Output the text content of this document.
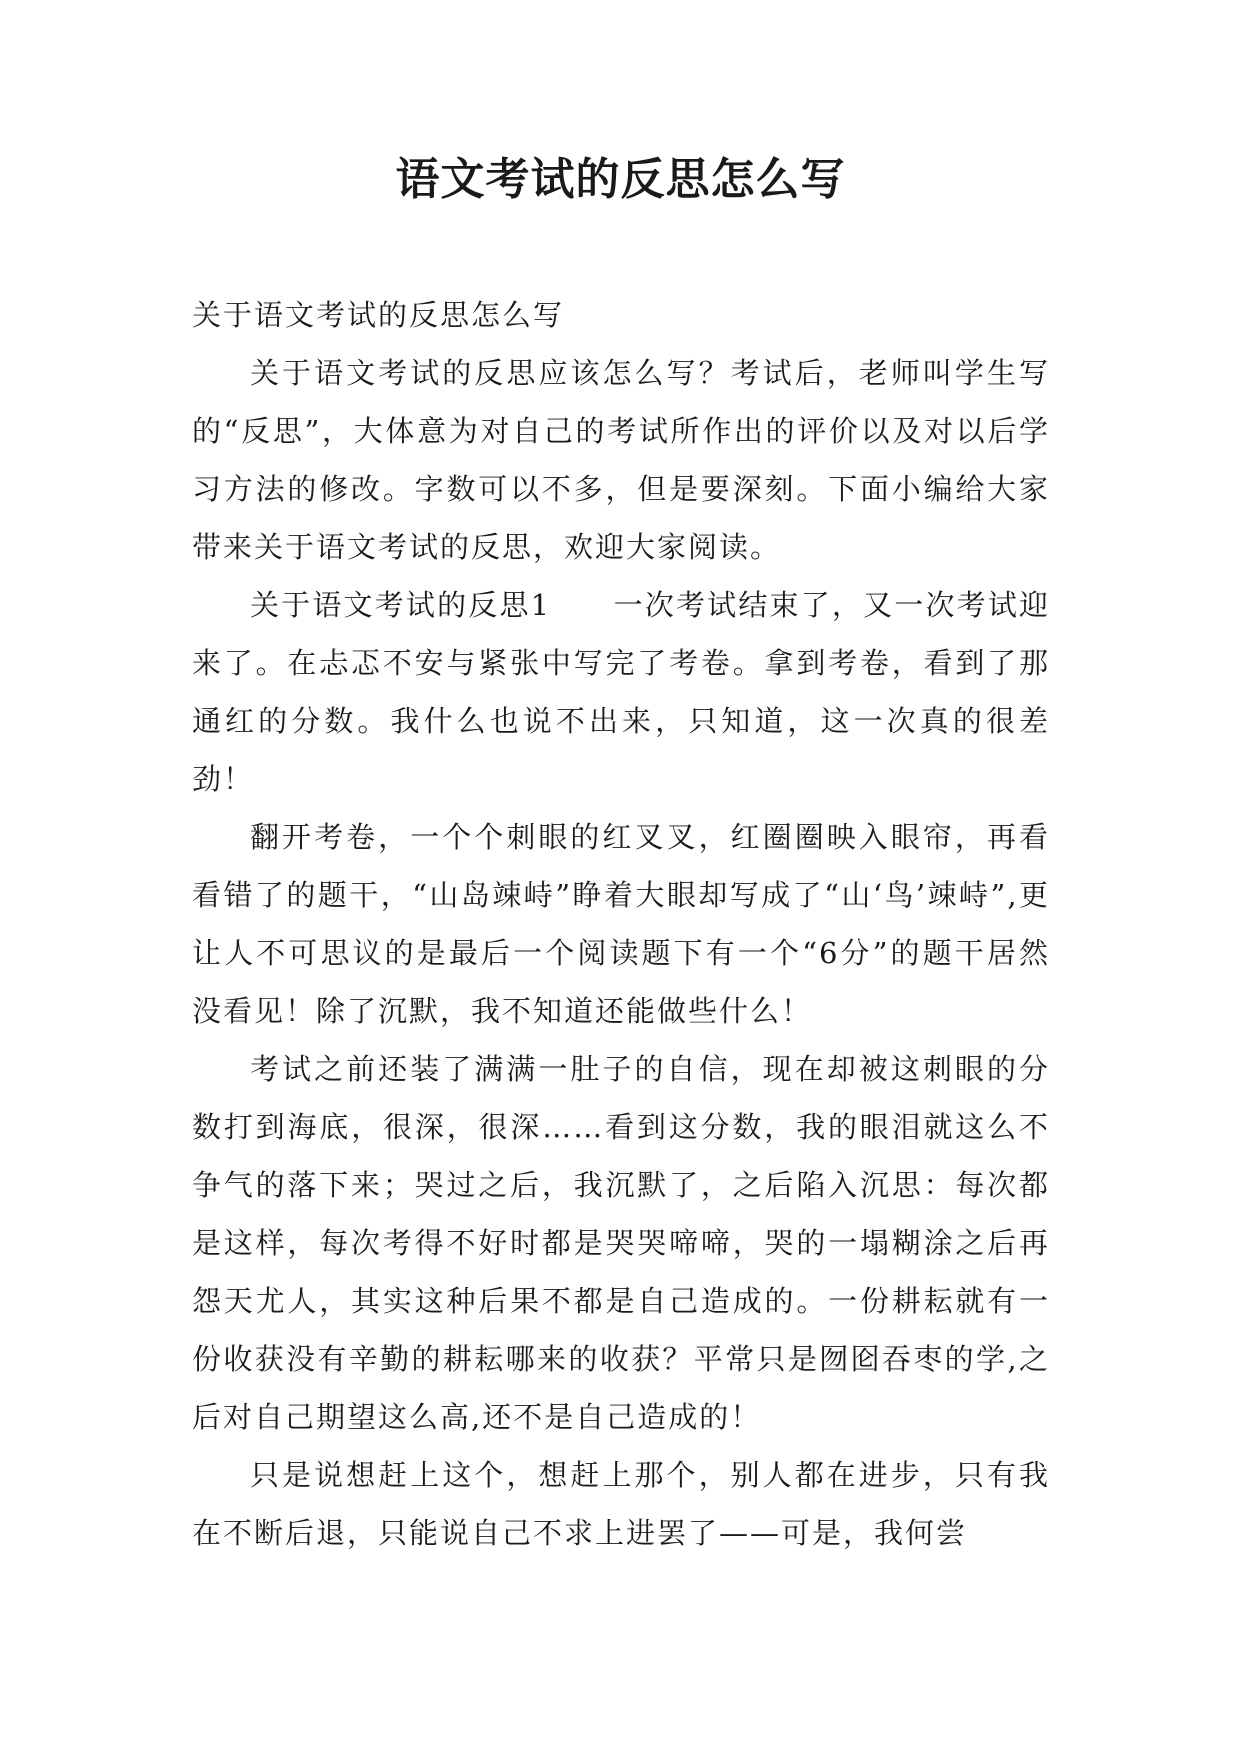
语文考试的反思怎么写

关于语文考试的反思怎么写

关于语文考试的反思应该怎么写？考试后，老师叫学生写的“反思”，大体意为对自己的考试所作出的评价以及对以后学习方法的修改。字数可以不多，但是要深刻。下面小编给大家带来关于语文考试的反思，欢迎大家阅读。

关于语文考试的反思1　　一次考试结束了，又一次考试迎来了。在忐忑不安与紧张中写完了考卷。拿到考卷，看到了那通红的分数。我什么也说不出来，只知道，这一次真的很差劲！

翻开考卷，一个个刺眼的红叉叉，红圈圈映入眼帘，再看看错了的题干，“山岛竦峙”睁着大眼却写成了“山‘鸟’竦峙”,更让人不可思议的是最后一个阅读题下有一个“6分”的题干居然没看见！除了沉默，我不知道还能做些什么！

考试之前还装了满满一肚子的自信，现在却被这刺眼的分数打到海底，很深，很深……看到这分数，我的眼泪就这么不争气的落下来；哭过之后，我沉默了，之后陷入沉思：每次都是这样，每次考得不好时都是哭哭啼啼，哭的一塌糊涂之后再怨天尤人，其实这种后果不都是自己造成的。一份耕耘就有一份收获没有辛勤的耕耘哪来的收获？平常只是囫囵吞枣的学,之后对自己期望这么高,还不是自己造成的！

只是说想赶上这个，想赶上那个，别人都在进步，只有我在不断后退，只能说自己不求上进罢了——可是，我何尝
